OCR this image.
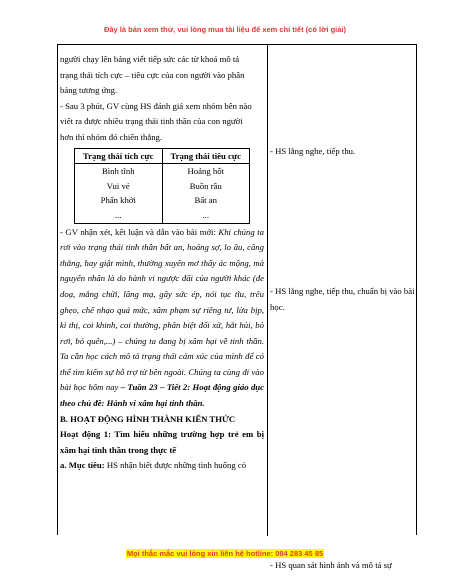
Đây là bản xem thử, vui lòng mua tài liệu để xem chi tiết (có lời giải)

người chạy lên bảng viết tiếp sức các từ khoá mô tả

trạng thái tích cực – tiêu cực của con người vào phân

bảng tương ứng.

- Sau 3 phút, GV cùng HS đánh giá xem nhóm bên nào

viết ra được nhiều trạng thái tinh thần của con người

hơn thì nhóm đó chiến thắng.

Trạng thái tích cực	Trạng thái tiêu cực
Bình tĩnh	Hoảng hốt
Vui vẻ	Buồn rầu
Phấn khởi	Bất an
...	...

- GV nhận xét, kết luận và dẫn vào bài mới: Khi chúng ta rơi vào trạng thái tinh thần bất an, hoảng sợ, lo âu, căng thẳng, hay giật mình, thường xuyên mơ thấy ác mộng, mà nguyên nhân là do hành vi ngược đãi của người khác (đe doạ, mắng chửi, lăng mạ, gây sức ép, nói tục tĩu, trêu ghẹo, chế nhạo quá mức, xâm phạm sự riêng tư, lừa bịp, kì thị, coi khinh, coi thường, phân biệt đối xử, hắt hủi, bỏ rơi, bỏ quên,...) – chúng ta đang bị xâm hại về tinh thần. Ta cần học cách mô tả trạng thái cảm xúc của mình để có thể tìm kiếm sự hỗ trợ từ bên ngoài. Chúng ta cùng đi vào bài học hôm nay – Tuần 23 – Tiết 2: Hoạt động giáo dục theo chủ đề: Hành vi xâm hại tinh thần.

B. HOẠT ĐỘNG HÌNH THÀNH KIẾN THỨC

Hoạt động 1: Tìm hiểu những trường hợp trẻ em bị xâm hại tinh thần trong thực tế

a. Mục tiêu: HS nhận biết được những tình huống có

- HS lắng nghe, tiếp thu.
- HS lắng nghe, tiếp thu, chuẩn bị vào bài học.
- HS quan sát hình ảnh và mô tả sự
Mọi thắc mắc vui lòng xin liên hệ hotline: 084 283 45 85
